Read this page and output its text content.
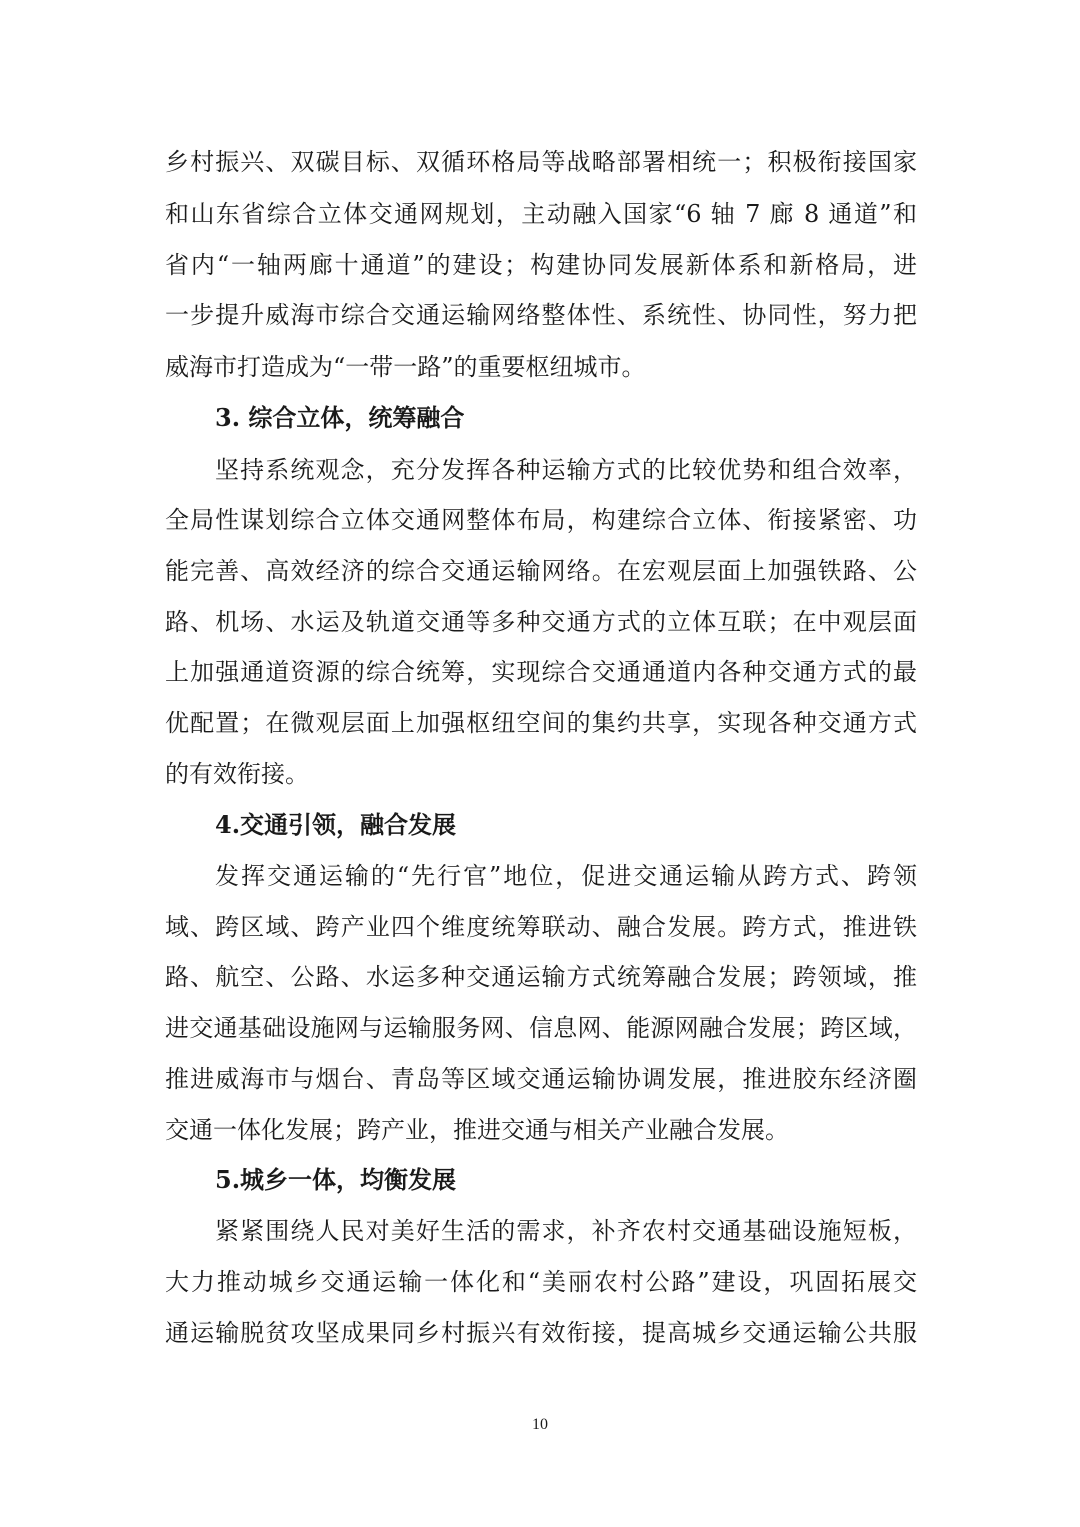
乡村振兴、双碳目标、双循环格局等战略部署相统一；积极衔接国家
和山东省综合立体交通网规划，主动融入国家“6 轴 7 廊 8 通道”和
省内“一轴两廊十通道”的建设；构建协同发展新体系和新格局，进
一步提升威海市综合交通运输网络整体性、系统性、协同性，努力把
威海市打造成为“一带一路”的重要枢纽城市。
3. 综合立体，统筹融合
坚持系统观念，充分发挥各种运输方式的比较优势和组合效率，
全局性谋划综合立体交通网整体布局，构建综合立体、衔接紧密、功
能完善、高效经济的综合交通运输网络。在宏观层面上加强铁路、公
路、机场、水运及轨道交通等多种交通方式的立体互联；在中观层面
上加强通道资源的综合统筹，实现综合交通通道内各种交通方式的最
优配置；在微观层面上加强枢纽空间的集约共享，实现各种交通方式
的有效衔接。
4.交通引领，融合发展
发挥交通运输的“先行官”地位，促进交通运输从跨方式、跨领
域、跨区域、跨产业四个维度统筹联动、融合发展。跨方式，推进铁
路、航空、公路、水运多种交通运输方式统筹融合发展；跨领域，推
进交通基础设施网与运输服务网、信息网、能源网融合发展；跨区域，
推进威海市与烟台、青岛等区域交通运输协调发展，推进胶东经济圈
交通一体化发展；跨产业，推进交通与相关产业融合发展。
5.城乡一体，均衡发展
紧紧围绕人民对美好生活的需求，补齐农村交通基础设施短板，
大力推动城乡交通运输一体化和“美丽农村公路”建设，巩固拓展交
通运输脱贫攻坚成果同乡村振兴有效衔接，提高城乡交通运输公共服
10
